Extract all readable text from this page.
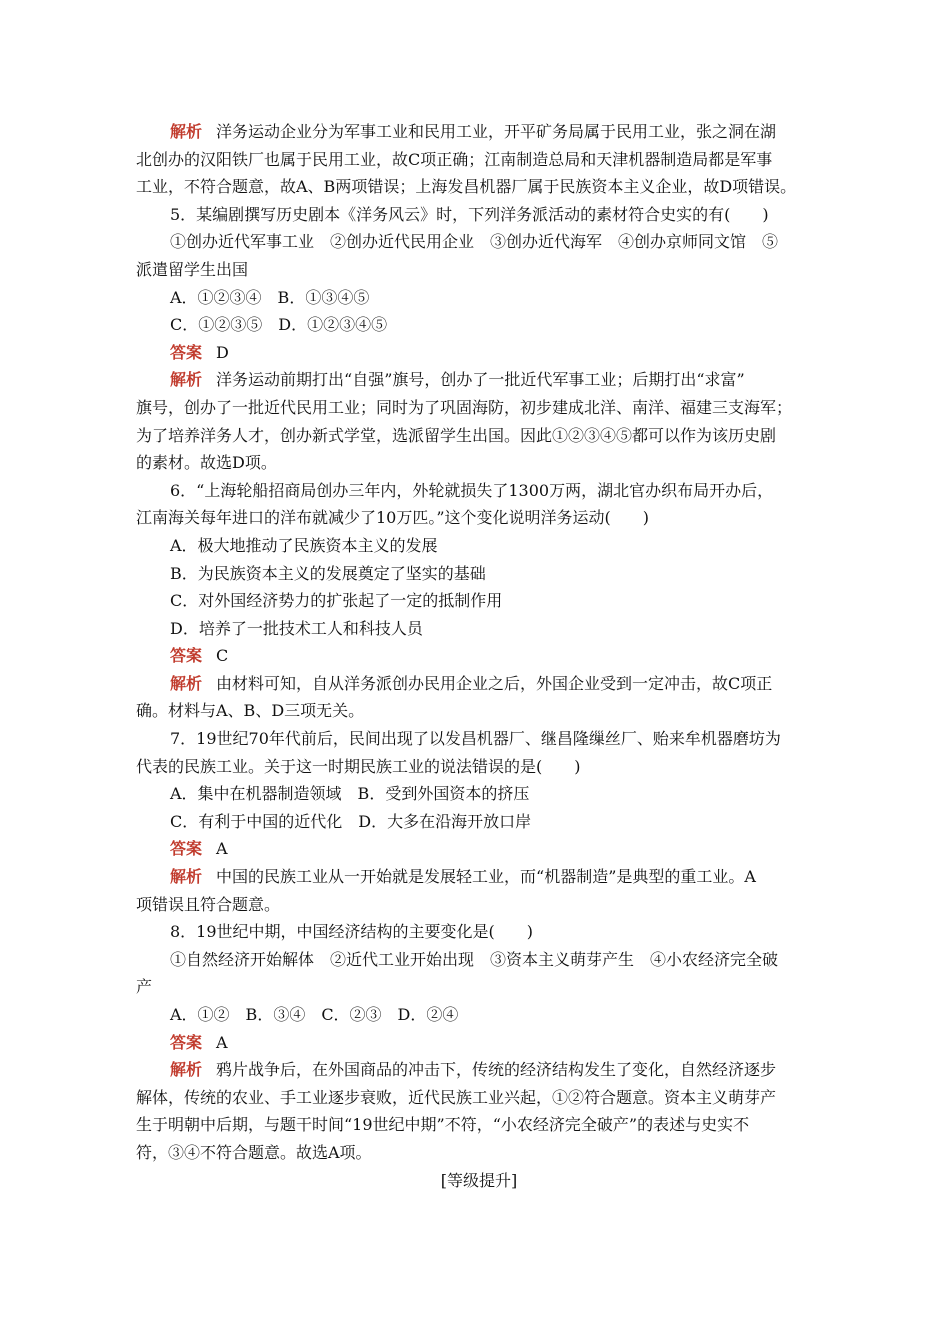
解析 洋务运动企业分为军事工业和民用工业，开平矿务局属于民用工业，张之洞在湖
北创办的汉阳铁厂也属于民用工业，故C项正确；江南制造总局和天津机器制造局都是军事
工业，不符合题意，故A、B两项错误；上海发昌机器厂属于民族资本主义企业，故D项错误。
5．某编剧撰写历史剧本《洋务风云》时，下列洋务派活动的素材符合史实的有(　　)
①创办近代军事工业　②创办近代民用企业　③创办近代海军　④创办京师同文馆　⑤
派遣留学生出国
A．①②③④　B．①③④⑤
C．①②③⑤　D．①②③④⑤
答案 D
解析 洋务运动前期打出“自强”旗号，创办了一批近代军事工业；后期打出“求富”
旗号，创办了一批近代民用工业；同时为了巩固海防，初步建成北洋、南洋、福建三支海军；
为了培养洋务人才，创办新式学堂，选派留学生出国。因此①②③④⑤都可以作为该历史剧
的素材。故选D项。
6．“上海轮船招商局创办三年内，外轮就损失了1300万两，湖北官办织布局开办后，
江南海关每年进口的洋布就减少了10万匹。”这个变化说明洋务运动(　　)
A．极大地推动了民族资本主义的发展
B．为民族资本主义的发展奠定了坚实的基础
C．对外国经济势力的扩张起了一定的抵制作用
D．培养了一批技术工人和科技人员
答案 C
解析 由材料可知，自从洋务派创办民用企业之后，外国企业受到一定冲击，故C项正
确。材料与A、B、D三项无关。
7．19世纪70年代前后，民间出现了以发昌机器厂、继昌隆缫丝厂、贻来牟机器磨坊为
代表的民族工业。关于这一时期民族工业的说法错误的是(　　)
A．集中在机器制造领域　B．受到外国资本的挤压
C．有利于中国的近代化　D．大多在沿海开放口岸
答案 A
解析 中国的民族工业从一开始就是发展轻工业，而“机器制造”是典型的重工业。A
项错误且符合题意。
8．19世纪中期，中国经济结构的主要变化是(　　)
①自然经济开始解体　②近代工业开始出现　③资本主义萌芽产生　④小农经济完全破
产
A．①②　B．③④　C．②③　D．②④
答案 A
解析 鸦片战争后，在外国商品的冲击下，传统的经济结构发生了变化，自然经济逐步
解体，传统的农业、手工业逐步衰败，近代民族工业兴起，①②符合题意。资本主义萌芽产
生于明朝中后期，与题干时间“19世纪中期”不符，“小农经济完全破产”的表述与史实不
符，③④不符合题意。故选A项。
[等级提升]
